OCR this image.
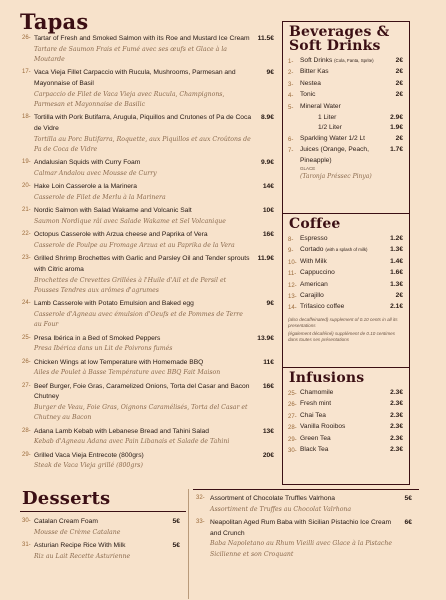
Tapas
26- Tartar of Fresh and Smoked Salmon with its Roe and Mustard Ice Cream
Tartare de Saumon Frais et Fumé avec ses œufs et Glace à la Moutarde
11.5€
17- Vaca Vieja Fillet Carpaccio with Rucula, Mushrooms, Parmesan and Mayonnaise of Basil
Carpaccio de Filet de Vaca Vieja avec Rucula, Champignons, Parmesan et Mayonnaise de Basilic
9€
18- Tortilla with Pork Butifarra, Arugula, Piquillos and Crutones of Pa de Coca de Vidre
Tortilla au Porc Butifarra, Roquette, aux Piquillos et aux Croûtons de Pa de Coca de Vidre
8.9€
19- Andalusian Squids with Curry Foam
Calmar Andalou avec Mousse de Curry
9.9€
20- Hake Loin Casserole a la Marinera
Casserole de Filet de Merlu à la Marinera
14€
21- Nordic Salmon with Salad Wakame and Volcanic Salt
Saumon Nordique râi avec Salade Wakame et Sel Volcanique
10€
22- Octopus Casserole with Arzua cheese and Paprika of Vera
Casserole de Poulpe au Fromage Arzua et au Paprika de la Vera
16€
23- Grilled Shrimp Brochettes with Garlic and Parsley Oil and Tender sprouts with Citric aroma
Brochettes de Crevettes Grillées à l'Huile d'Ail et de Persil et Pousses Tendres aux arômes d'agrumes
11.9€
24- Lamb Casserole with Potato Emulsion and Baked egg
Casserole d'Agneau avec émulsion d'Oeufs et de Pommes de Terre au Four
9€
25- Presa Ibérica in a Bed of Smoked Peppers
Presa Ibérica dans un Lit de Poivrons fumés
13.9€
26- Chicken Wings at low Temperature with Homemade BBQ
Ailes de Poulet à Basse Température avec BBQ Fait Maison
11€
27- Beef Burger, Foie Gras, Caramelized Onions, Torta del Casar and Bacon Chutney
Burger de Veau, Foie Gras, Oignons Caramélisés, Torta del Casar et Chutney au Bacon
16€
28- Adana Lamb Kebab with Lebanese Bread and Tahini Salad
Kebab d'Agneau Adana avec Pain Libanais et Salade de Tahini
13€
29- Grilled Vaca Vieja Entrecote (800grs)
Steak de Vaca Vieja grillé (800grs)
20€
Beverages &
Soft Drinks
1-	Soft Drinks (Cola, Fanta, Sprite)	2€
2-	Bitter Kas	2€
3-	Nestea	2€
4-	Tonic	2€
5-	Mineral Water
1 Liter	2.9€
1/2 Liter	1.9€
6-	Sparkling Water 1/2 Lt	2€
7-	Juices (Orange, Peach, Pineapple)
1.7€
GLACE
(Taronja Préssec Pinya)
Coffee
8-	Espresso	1.2€
9-	Cortado (with a splash of milk)	1.3€
10- With Milk	1.4€
11- Cappuccino	1.6€
12- American	1.3€
13- Carajillo	2€
14- Trifasico coffee	2.1€
(also decaffeinated) supplement of 0.10 cents in all its presentations
(également décaféiné) supplément de 0.10 centimes dans toutes ses présentations
Infusions
25- Chamomile	2.3€
26- Fresh mint	2.3€
27- Chai Tea	2.3€
28- Vanilla Rooibos	2.3€
29- Green Tea	2.3€
30- Black Tea	2.3€
Desserts
30- Catalan Cream Foam
Mousse de Crème Catalane
5€
31- Asturian Recipe Rice With Milk
Riz au Lait Recette Asturienne
5€
32- Assortment of Chocolate Truffles Valrhona
Assortiment de Truffes au Chocolat Valrhona
5€
33- Neapolitan Aged Rum Baba with Sicilian Pistachio Ice Cream and Crunch
Baba Napoletano au Rhum Vieilli avec Glace à la Pistache Sicilienne et son Croquant
6€
